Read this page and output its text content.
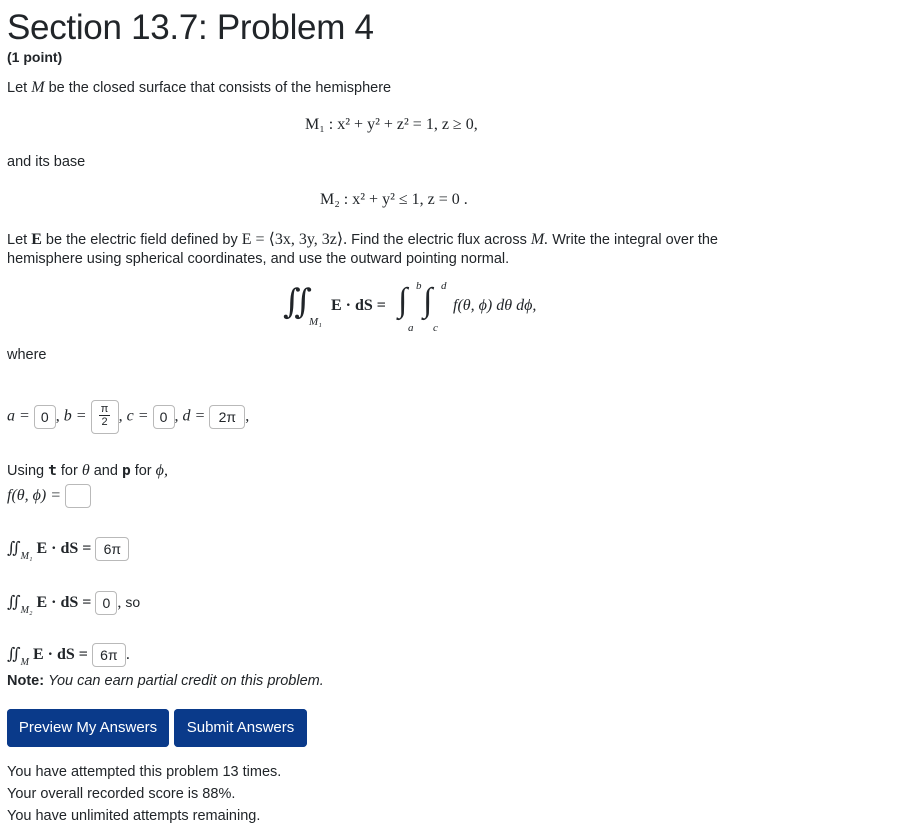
Section 13.7: Problem 4
(1 point)
Let M be the closed surface that consists of the hemisphere
M₁ : x² + y² + z² = 1, z ≥ 0,
and its base
M₂ : x² + y² ≤ 1, z = 0 .
Let E be the electric field defined by E = ⟨3x, 3y, 3z⟩. Find the electric flux across M. Write the integral over the
hemisphere using spherical coordinates, and use the outward pointing normal.
∬
M₁
E · dS = ∫ b
a
∫ d
c
f(θ, ϕ) dθ dϕ,
where
a = 0 , $b = \frac{\pi}{2}$ , c = 0 , d = 2π ,
Using t for θ and p for ϕ,
f(θ, ϕ) =
$∬_{M_1}$ E · dS = 6π
$∬_{M_2}$ E · dS = 0 , so
$∬_M$ E · dS = 6π .
Note: You can earn partial credit on this problem.
Preview My Answers	Submit Answers
You have attempted this problem 13 times.
Your overall recorded score is 88%.
You have unlimited attempts remaining.
